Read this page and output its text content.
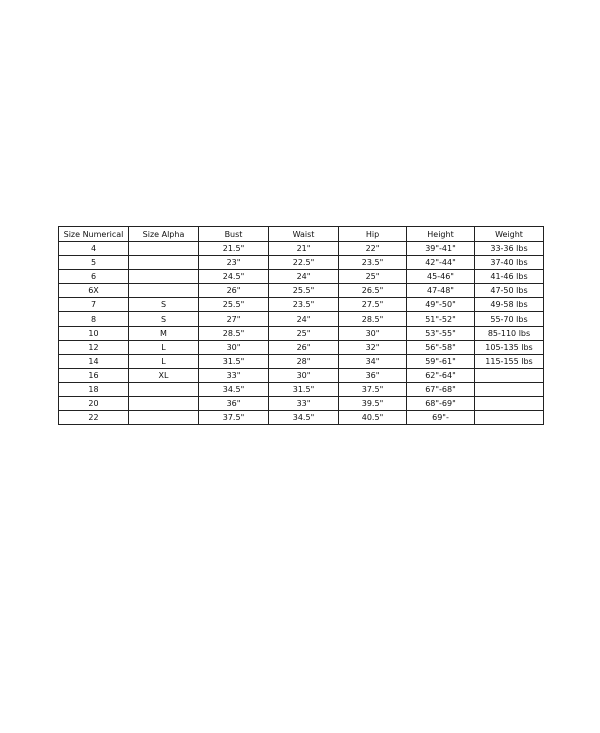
Size Numerical	Size Alpha	Bust	Waist	Hip	Height	Weight
4		21.5"	21"	22"	39"-41"	33-36 lbs
5		23"	22.5"	23.5"	42"-44"	37-40 lbs
6		24.5"	24"	25"	45-46"	41-46 lbs
6X		26"	25.5"	26.5"	47-48"	47-50 lbs
7	S	25.5"	23.5"	27.5"	49"-50"	49-58 lbs
8	S	27"	24"	28.5"	51"-52"	55-70 lbs
10	M	28.5"	25"	30"	53"-55"	85-110 lbs
12	L	30"	26"	32"	56"-58"	105-135 lbs
14	L	31.5"	28"	34"	59"-61"	115-155 lbs
16	XL	33"	30"	36"	62"-64"	
18		34.5"	31.5"	37.5"	67"-68"	
20		36"	33"	39.5"	68"-69"	
22		37.5"	34.5"	40.5"	69"-	
